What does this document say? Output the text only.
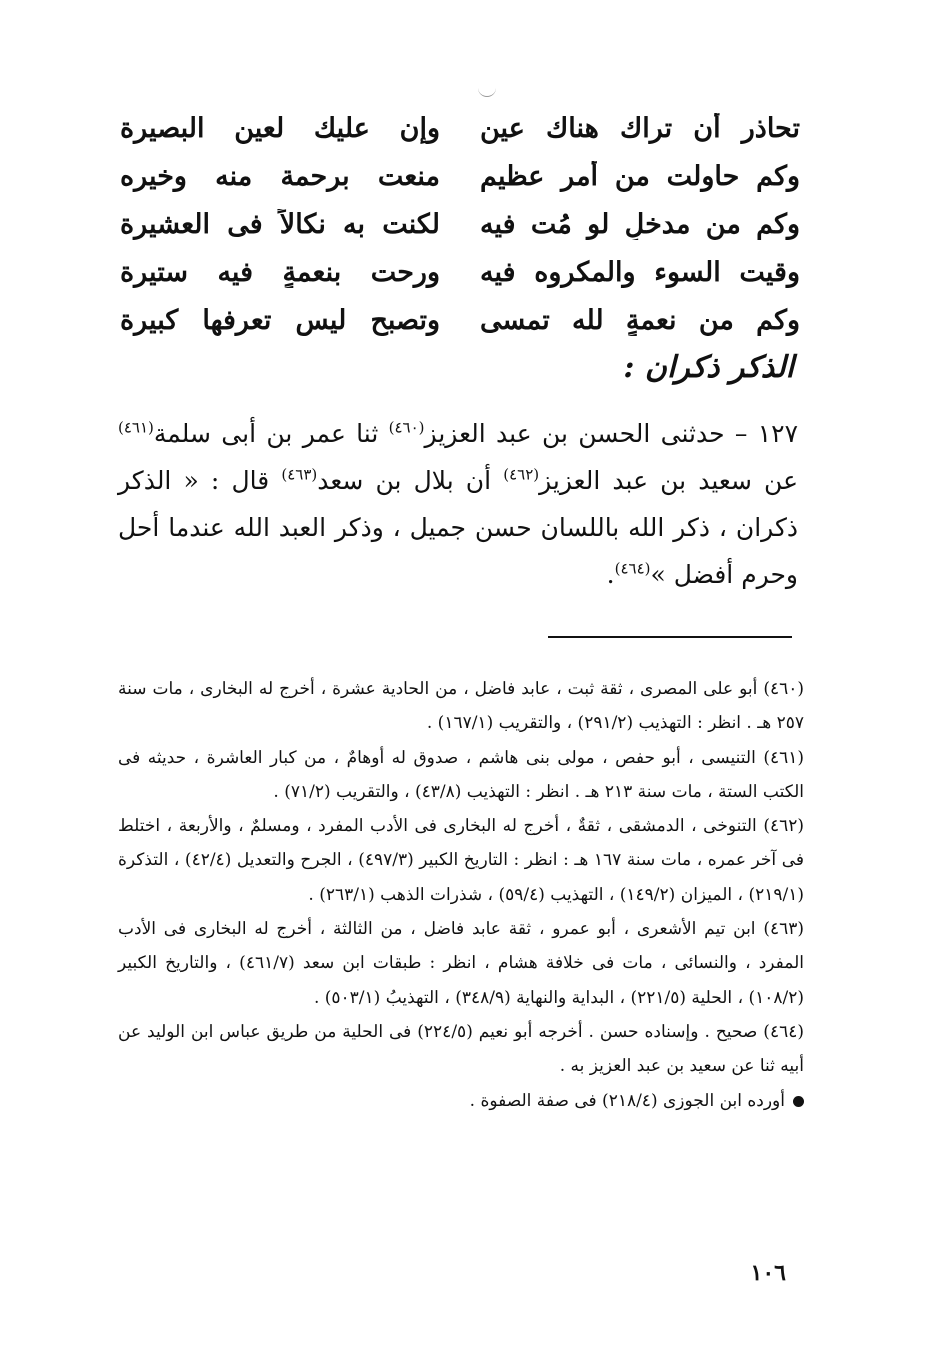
تحاذر أن تراك هناك عين
وإن عليك لعين البصيرة
وكم حاولت من أمر عظيم
منعت برحمة منه وخيره
وكم من مدخلٍ لو مُت فيه
لكنت به نكالاً فى العشيرة
وقيت السوء والمكروه فيه
ورحت بنعمةٍ فيه ستيرة
وكم من نعمةٍ لله تمسى
وتصبح ليس تعرفها كبيرة
الذكر ذكران :
١٢٧ – حدثنى الحسن بن عبد العزيز$^{(٤٦٠)}$ ثنا عمر بن أبى سلمة$^{(٤٦١)}$ عن سعيد بن عبد العزيز$^{(٤٦٢)}$ أن بلال بن سعد$^{(٤٦٣)}$ قال : « الذكر ذكران ، ذكر الله باللسان حسن جميل ، وذكر العبد الله عندما أحل وحرم أفضل »$^{(٤٦٤)}$.

(٤٦٠) أبو على المصرى ، ثقة ثبت ، عابد فاضل ، من الحادية عشرة ، أخرج له البخارى ، مات سنة ٢٥٧ هـ . انظر : التهذيب (٢٩١/٢) ، والتقريب (١٦٧/١) .

(٤٦١) التنيسى ، أبو حفص ، مولى بنى هاشم ، صدوق له أوهامٌ ، من كبار العاشرة ، حديثه فى الكتب الستة ، مات سنة ٢١٣ هـ . انظر : التهذيب (٤٣/٨) ، والتقريب (٧١/٢) .

(٤٦٢) التنوخى ، الدمشقى ، ثقةٌ ، أخرج له البخارى فى الأدب المفرد ، ومسلمٌ ، والأربعة ، اختلط فى آخر عمره ، مات سنة ١٦٧ هـ : انظر : التاريخ الكبير (٤٩٧/٣) ، الجرح والتعديل (٤٢/٤) ، التذكرة (٢١٩/١) ، الميزان (١٤٩/٢) ، التهذيب (٥٩/٤) ، شذرات الذهب (٢٦٣/١) .

(٤٦٣) ابن تيم الأشعرى ، أبو عمرو ، ثقة عابد فاضل ، من الثالثة ، أخرج له البخارى فى الأدب المفرد ، والنسائى ، مات فى خلافة هشام ، انظر : طبقات ابن سعد (٤٦١/٧) ، والتاريخ الكبير (١٠٨/٢) ، الحلية (٢٢١/٥) ، البداية والنهاية (٣٤٨/٩) ، التهذيبُ (٥٠٣/١) .

(٤٦٤) صحيح . وإسناده حسن . أخرجه أبو نعيم (٢٢٤/٥) فى الحلية من طريق عباس ابن الوليد عن أبيه ثنا عن سعيد بن عبد العزيز به .

أورده ابن الجوزى (٢١٨/٤) فى صفة الصفوة .

١٠٦
